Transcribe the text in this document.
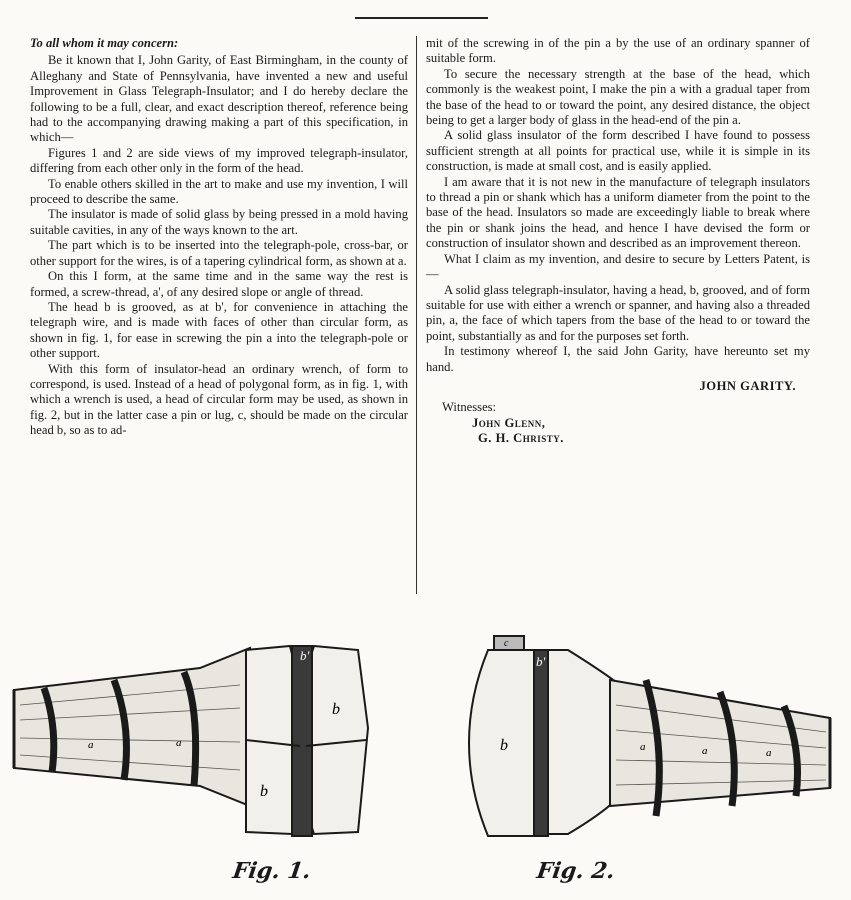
To all whom it may concern:

Be it known that I, John Garity, of East Birmingham, in the county of Alleghany and State of Pennsylvania, have invented a new and useful Improvement in Glass Telegraph-Insulator; and I do hereby declare the following to be a full, clear, and exact description thereof, reference being had to the accompanying drawing making a part of this specification, in which—

Figures 1 and 2 are side views of my improved telegraph-insulator, differing from each other only in the form of the head.

To enable others skilled in the art to make and use my invention, I will proceed to describe the same.

The insulator is made of solid glass by being pressed in a mold having suitable cavities, in any of the ways known to the art.

The part which is to be inserted into the telegraph-pole, cross-bar, or other support for the wires, is of a tapering cylindrical form, as shown at a.

On this I form, at the same time and in the same way the rest is formed, a screw-thread, a', of any desired slope or angle of thread.

The head b is grooved, as at b', for convenience in attaching the telegraph wire, and is made with faces of other than circular form, as shown in fig. 1, for ease in screwing the pin a into the telegraph-pole or other support.

With this form of insulator-head an ordinary wrench, of form to correspond, is used. Instead of a head of polygonal form, as in fig. 1, with which a wrench is used, a head of circular form may be used, as shown in fig. 2, but in the latter case a pin or lug, c, should be made on the circular head b, so as to ad-

mit of the screwing in of the pin a by the use of an ordinary spanner of suitable form.

To secure the necessary strength at the base of the head, which commonly is the weakest point, I make the pin a with a gradual taper from the base of the head to or toward the point, any desired distance, the object being to get a larger body of glass in the head-end of the pin a.

A solid glass insulator of the form described I have found to possess sufficient strength at all points for practical use, while it is simple in its construction, is made at small cost, and is easily applied.

I am aware that it is not new in the manufacture of telegraph insulators to thread a pin or shank which has a uniform diameter from the point to the base of the head. Insulators so made are exceedingly liable to break where the pin or shank joins the head, and hence I have devised the form or construction of insulator shown and described as an improvement thereon.

What I claim as my invention, and desire to secure by Letters Patent, is—

A solid glass telegraph-insulator, having a head, b, grooved, and of form suitable for use with either a wrench or spanner, and having also a threaded pin, a, the face of which tapers from the base of the head to or toward the point, substantially as and for the purposes set forth.

In testimony whereof I, the said John Garity, have hereunto set my hand.

JOHN GARITY.

Witnesses:

John Glenn,

G. H. Christy.

a	a
b
b
b'
c
b
b'
a	a	a
Fig. 1.	Fig. 2.
